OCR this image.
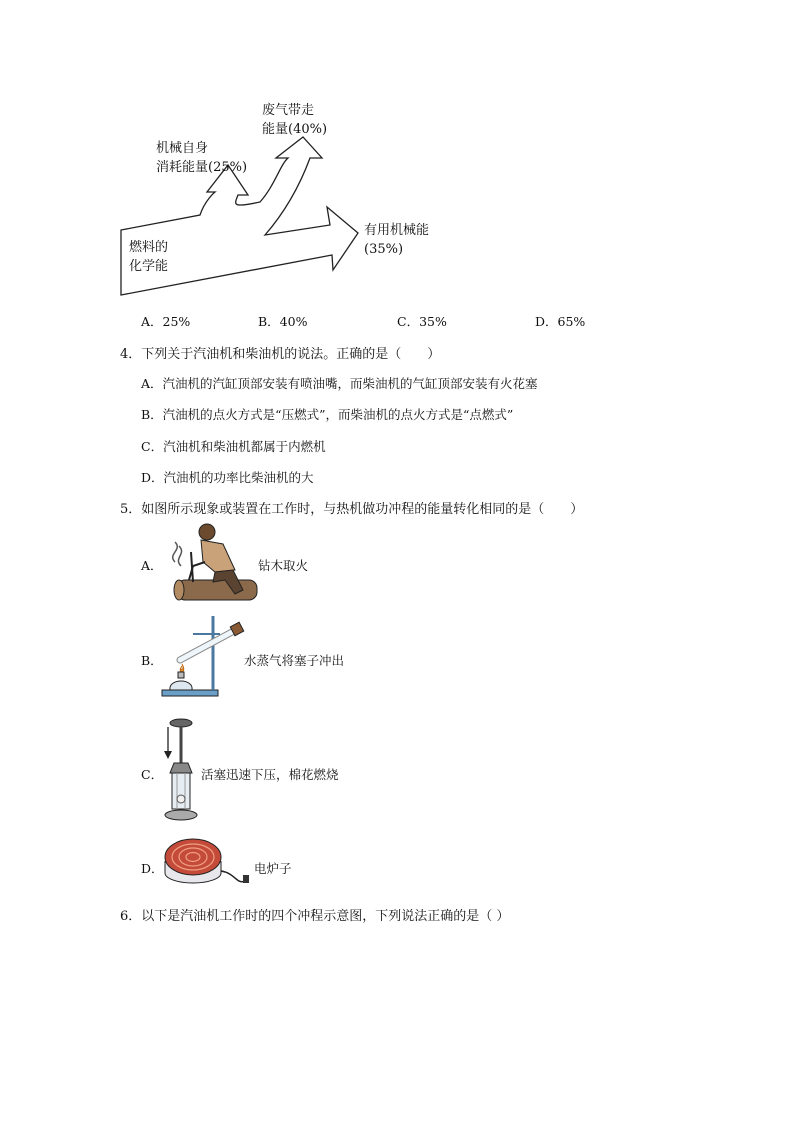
废气带走
能量(40%)
机械自身
消耗能量(25%)
燃料的
化学能
有用机械能
(35%)
A．25%	B．40%	C．35%	D．65%
4．下列关于汽油机和柴油机的说法。正确的是（　　）
A．汽油机的汽缸顶部安装有喷油嘴，而柴油机的气缸顶部安装有火花塞
B．汽油机的点火方式是“压燃式”，而柴油机的点火方式是“点燃式”
C．汽油机和柴油机都属于内燃机
D．汽油机的功率比柴油机的大
5．如图所示现象或装置在工作时，与热机做功冲程的能量转化相同的是（　　）
A．	钻木取火
B．	水蒸气将塞子冲出
C．	活塞迅速下压，棉花燃烧
D．	电炉子
6．以下是汽油机工作时的四个冲程示意图，下列说法正确的是（ ）
